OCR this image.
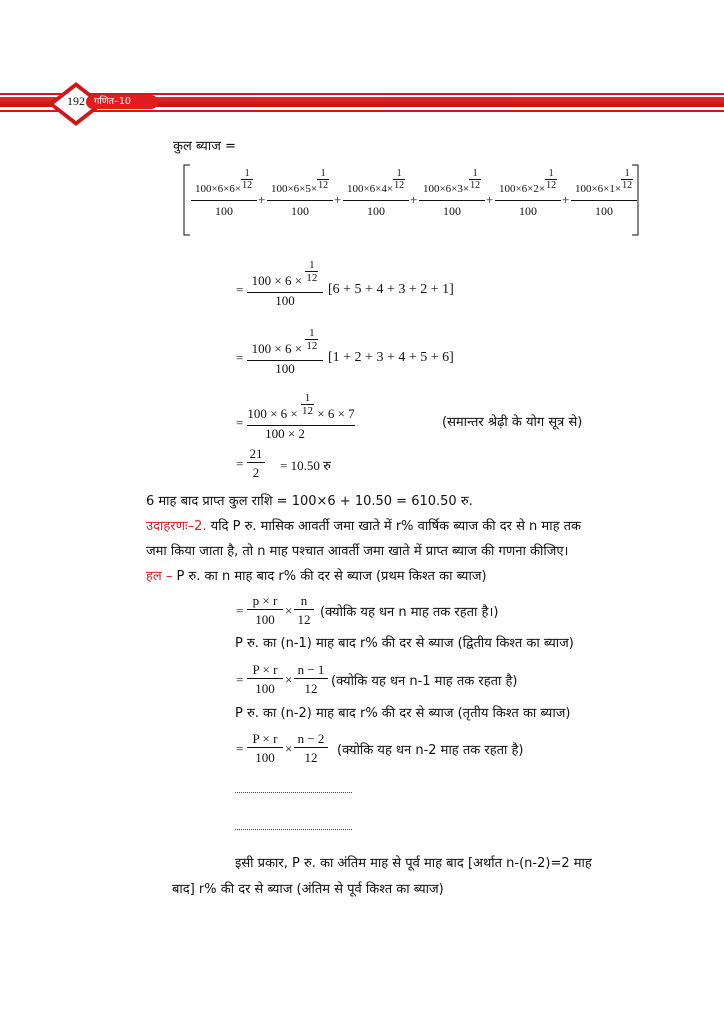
192 गणित–10
कुल ब्याज =
$\frac{100\times 6\times 6\times \frac{1}{12}}{100} + \frac{100\times 6\times 5\times \frac{1}{12}}{100} + \frac{100\times 6\times 4\times \frac{1}{12}}{100} + \frac{100\times 6\times 3\times \frac{1}{12}}{100} + \frac{100\times 6\times 2\times \frac{1}{12}}{100} + \frac{100\times 6\times 1\times \frac{1}{12}}{100}$
=
$100 \times 6 \times \frac{1}{12}$
100
[6 + 5 + 4 + 3 + 2 + 1]
=
$100 \times 6 \times \frac{1}{12}$
100
[1 + 2 + 3 + 4 + 5 + 6]
=
$100 \times 6 \times \frac{1}{12} \times 6 \times 7$
100 × 2
(समान्तर श्रेढ़ी के योग सूत्र से)
=
21
2	= 10.50 रु
6 माह बाद प्राप्त कुल राशि = 100×6 + 10.50 = 610.50 रु.
उदाहरणः–2. यदि P रु. मासिक आवर्ती जमा खाते में r% वार्षिक ब्याज की दर से n माह तक
जमा किया जाता है, तो n माह पश्चात आवर्ती जमा खाते में प्राप्त ब्याज की गणना कीजिए।
हल – P रु. का n माह बाद r% की दर से ब्याज (प्रथम किश्त का ब्याज)
=
p × r
100
×
n
12 (क्योकि यह धन n माह तक रहता है।)
P रु. का (n-1) माह बाद r% की दर से ब्याज (द्वितीय किश्त का ब्याज)
=
P × r
100
×
n − 1
12	(क्योकि यह धन n-1 माह तक रहता है)
P रु. का (n-2) माह बाद r% की दर से ब्याज (तृतीय किश्त का ब्याज)
=
P × r
100
×
n − 2
12	(क्योकि यह धन n-2 माह तक रहता है)
इसी प्रकार, P रु. का अंतिम माह से पूर्व माह बाद [अर्थात n-(n-2)=2 माह
बाद] r% की दर से ब्याज (अंतिम से पूर्व किश्त का ब्याज)
